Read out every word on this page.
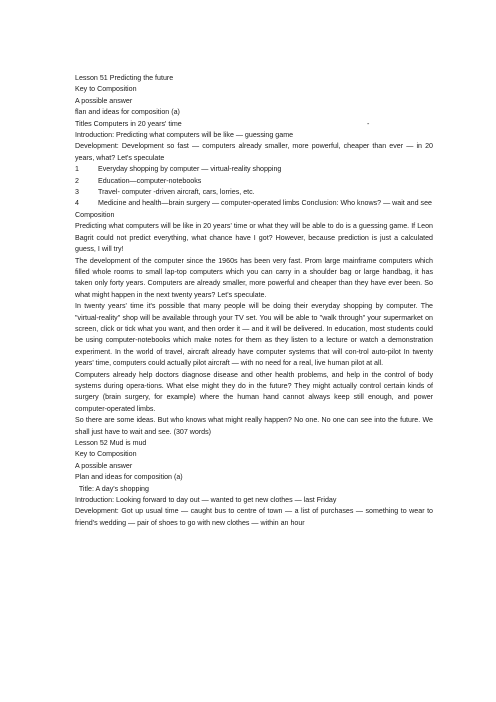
Lesson 51 Predicting the future
Key to Composition
A possible answer
flan and ideas for composition (a)
Titles Computers in 20 years' time	-
Introduction: Predicting what computers will be like — guessing game
Development: Development so fast — computers already smaller, more powerful, cheaper than ever — in 20 years, what? Let's speculate
1	Everyday shopping by computer — virtual-reality shopping
2	Education—computer-notebooks
3	Travel- computer -driven aircraft, cars, lorries, etc.
4	Medicine and health—brain surgery — computer-operated limbs Conclusion: Who knows? — wait and see
Composition
Predicting what computers will be like in 20 years' time or what they will be able to do is a guessing game. If Leon Bagrit could not predict everything, what chance have I got? However, because prediction is just a calculated guess, I will try!
The development of the computer since the 1960s has been very fast. Prom large mainframe computers which filled whole rooms to small lap-top computers which you can carry in a shoulder bag or large handbag, it has taken only forty years. Computers are already smaller, more powerful and cheaper than they have ever been. So what might happen in the next twenty years? Let's speculate.
In twenty years' time it's possible that many people will be doing their everyday shopping by computer. The "virtual-reality" shop will be available through your TV set. You will be able to "walk through" your supermarket on screen, click or tick what you want, and then order it — and it will be delivered. In education, most students could be using computer-notebooks which make notes for them as they listen to a lecture or watch a demonstration experiment. In the world of travel, aircraft already have computer systems that will con-trol auto-pilot In twenty years' time, computers could actually pilot aircraft — with no need for a real, live human pilot at all.
Computers already help doctors diagnose disease and other health problems, and help in the control of body systems during opera-tions. What else might they do in the future? They might actually control certain kinds of surgery (brain surgery, for example) where the human hand cannot always keep still enough, and power computer-operated limbs.
So there are some ideas. But who knows what might really happen? No one. No one can see into the future. We shall just have to wait and see. (307 words)
Lesson 52 Mud is mud
Key to Composition
A possible answer
Plan and ideas for composition (a)
Title: A day's shopping
Introduction: Looking forward to day out — wanted to get new clothes — last Friday
Development: Got up usual time — caught bus to centre of town — a list of purchases — something to wear to friend's wedding — pair of shoes to go with new clothes — within an hour
